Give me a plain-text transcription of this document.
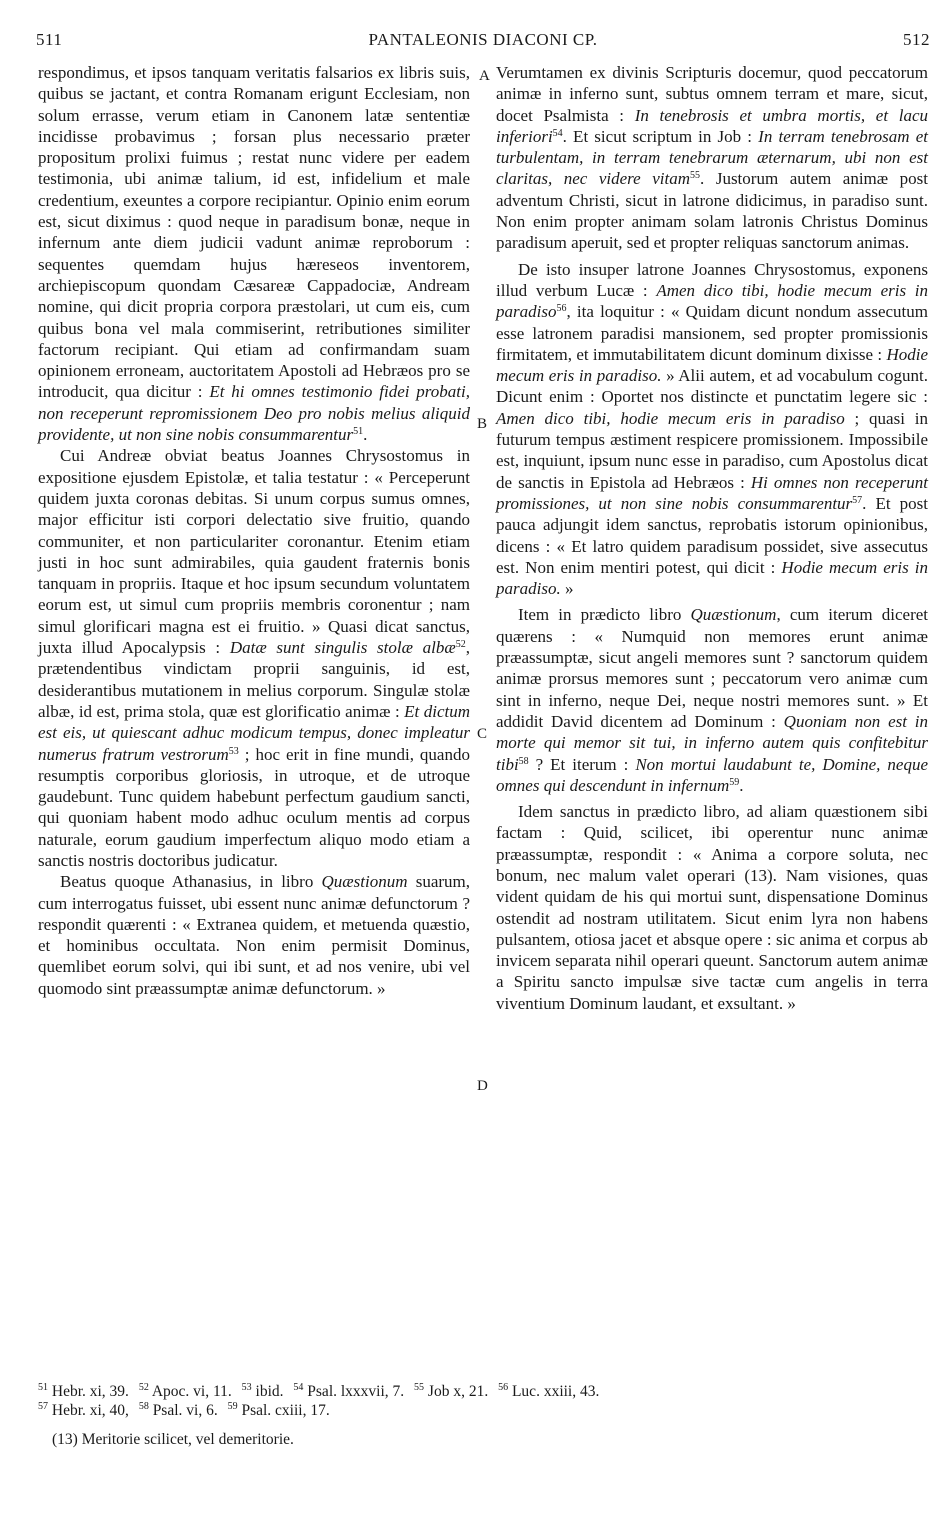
511	PANTALEONIS DIACONI CP.	512

respondimus, et ipsos tanquam veritatis falsarios ex libris suis, quibus se jactant, et contra Romanam erigunt Ecclesiam, non solum errasse, verum etiam in Canonem latæ sententiæ incidisse probavimus ; forsan plus necessario præter propositum prolixi fuimus ; restat nunc videre per eadem testimonia, ubi animæ talium, id est, infidelium et male credentium, exeuntes a corpore recipiantur. Opinio enim eorum est, sicut diximus : quod neque in paradisum bonæ, neque in infernum ante diem judicii vadunt animæ reproborum : sequentes quemdam hujus hæreseos inventorem, archiepiscopum quondam Cæsareæ Cappadociæ, Andream nomine, qui dicit propria corpora præstolari, ut cum eis, cum quibus bona vel mala commiserint, retributiones similiter factorum recipiant. Qui etiam ad confirmandam suam opinionem erroneam, auctoritatem Apostoli ad Hebræos pro se introducit, qua dicitur : Et hi omnes testimonio fidei probati, non receperunt repromissionem Deo pro nobis melius aliquid providente, ut non sine nobis consummarentur$^{51}$.

Cui Andreæ obviat beatus Joannes Chrysostomus in expositione ejusdem Epistolæ, et talia testatur : « Perceperunt quidem juxta coronas debitas. Si unum corpus sumus omnes, major efficitur isti corpori delectatio sive fruitio, quando communiter, et non particulariter coronantur. Etenim etiam justi in hoc sunt admirabiles, quia gaudent fraternis bonis tanquam in propriis. Itaque et hoc ipsum secundum voluntatem eorum est, ut simul cum propriis membris coronentur ; nam simul glorificari magna est ei fruitio. » Quasi dicat sanctus, juxta illud Apocalypsis : Datæ sunt singulis stolæ albæ$^{52}$, prætendentibus vindictam proprii sanguinis, id est, desiderantibus mutationem in melius corporum. Singulæ stolæ albæ, id est, prima stola, quæ est glorificatio animæ : Et dictum est eis, ut quiescant adhuc modicum tempus, donec impleatur numerus fratrum vestrorum$^{53}$ ; hoc erit in fine mundi, quando resumptis corporibus gloriosis, in utroque, et de utroque gaudebunt. Tunc quidem habebunt perfectum gaudium sancti, qui quoniam habent modo adhuc oculum mentis ad corpus naturale, eorum gaudium imperfectum aliquo modo etiam a sanctis nostris doctoribus judicatur.

Beatus quoque Athanasius, in libro Quæstionum suarum, cum interrogatus fuisset, ubi essent nunc animæ defunctorum ? respondit quærenti : « Extranea quidem, et metuenda quæstio, et hominibus occultata. Non enim permisit Dominus, quemlibet eorum solvi, qui ibi sunt, et ad nos venire, ubi vel quomodo sint præassumptæ animæ defunctorum. »

Verumtamen ex divinis Scripturis docemur, quod peccatorum animæ in inferno sunt, subtus omnem terram et mare, sicut, docet Psalmista : In tenebrosis et umbra mortis, et lacu inferiori$^{54}$. Et sicut scriptum in Job : In terram tenebrosam et turbulentam, in terram tenebrarum æternarum, ubi non est claritas, nec videre vitam$^{55}$. Justorum autem animæ post adventum Christi, sicut in latrone didicimus, in paradiso sunt. Non enim propter animam solam latronis Christus Dominus paradisum aperuit, sed et propter reliquas sanctorum animas.

De isto insuper latrone Joannes Chrysostomus, exponens illud verbum Lucæ : Amen dico tibi, hodie mecum eris in paradiso$^{56}$, ita loquitur : « Quidam dicunt nondum assecutum esse latronem paradisi mansionem, sed propter promissionis firmitatem, et immutabilitatem dicunt dominum dixisse : Hodie mecum eris in paradiso. » Alii autem, et ad vocabulum cogunt. Dicunt enim : Oportet nos distincte et punctatim legere sic : Amen dico tibi, hodie mecum eris in paradiso ; quasi in futurum tempus æstiment respicere promissionem. Impossibile est, inquiunt, ipsum nunc esse in paradiso, cum Apostolus dicat de sanctis in Epistola ad Hebræos : Hi omnes non receperunt promissiones, ut non sine nobis consummarentur$^{57}$. Et post pauca adjungit idem sanctus, reprobatis istorum opinionibus, dicens : « Et latro quidem paradisum possidet, sive assecutus est. Non enim mentiri potest, qui dicit : Hodie mecum eris in paradiso. »

Item in prædicto libro Quæstionum, cum iterum diceret quærens : « Numquid non memores erunt animæ præassumptæ, sicut angeli memores sunt ? sanctorum quidem animæ prorsus memores sunt ; peccatorum vero animæ cum sint in inferno, neque Dei, neque nostri memores sunt. » Et addidit David dicentem ad Dominum : Quoniam non est in morte qui memor sit tui, in inferno autem quis confitebitur tibi$^{58}$ ? Et iterum : Non mortui laudabunt te, Domine, neque omnes qui descendunt in infernum$^{59}$.

Idem sanctus in prædicto libro, ad aliam quæstionem sibi factam : Quid, scilicet, ibi operentur nunc animæ præassumptæ, respondit : « Anima a corpore soluta, nec bonum, nec malum valet operari (13). Nam visiones, quas vident quidam de his qui mortui sunt, dispensatione Dominus ostendit ad nostram utilitatem. Sicut enim lyra non habens pulsantem, otiosa jacet et absque opere : sic anima et corpus ab invicem separata nihil operari queunt. Sanctorum autem animæ a Spiritu sancto impulsæ sive tactæ cum angelis in terra viventium Dominum laudant, et exsultant. »

A
B
C
D
$^{51}$ Hebr. xi, 39. $^{52}$ Apoc. vi, 11. $^{53}$ ibid. $^{54}$ Psal. lxxxvii, 7. $^{55}$ Job x, 21. $^{56}$ Luc. xxiii, 43.
$^{57}$ Hebr. xi, 40, $^{58}$ Psal. vi, 6. $^{59}$ Psal. cxiii, 17.
(13) Meritorie scilicet, vel demeritorie.
